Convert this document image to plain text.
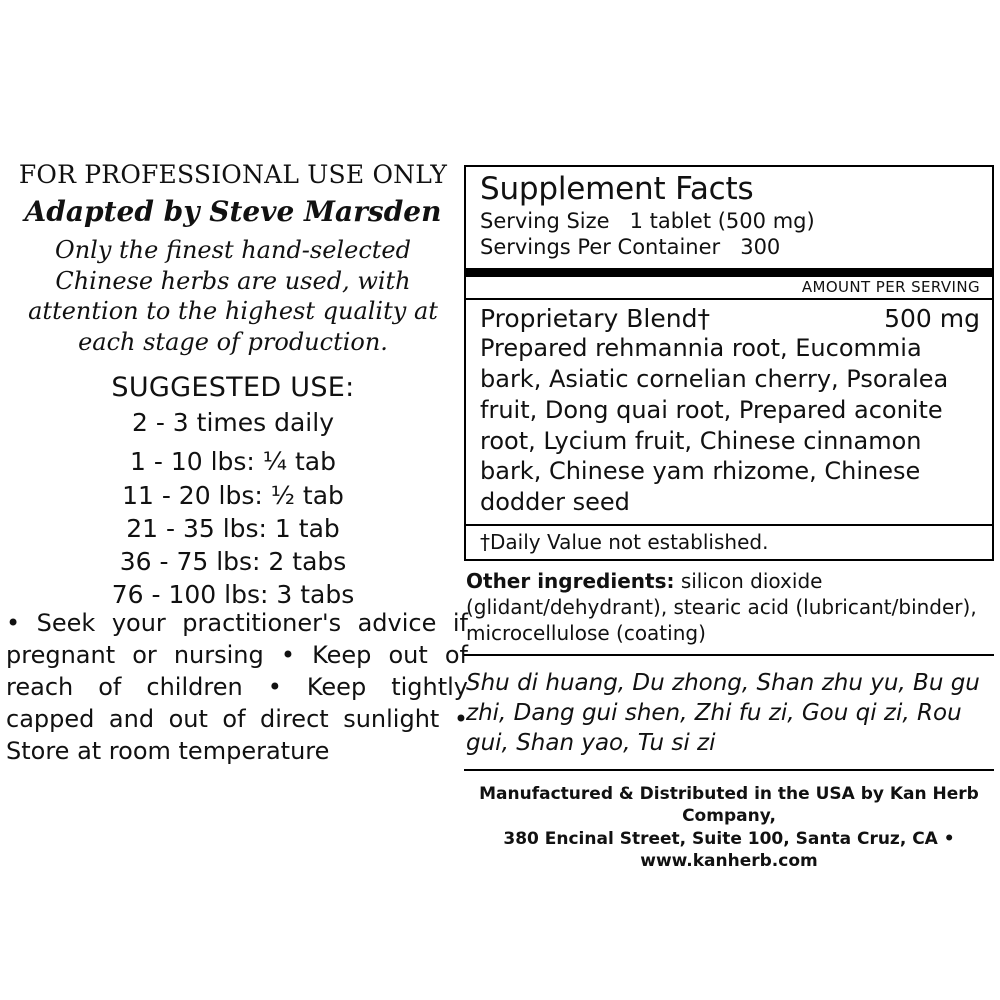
FOR PROFESSIONAL USE ONLY
Adapted by Steve Marsden
Only the finest hand-selected Chinese herbs are used, with attention to the highest quality at each stage of production.
SUGGESTED USE:
2 - 3 times daily
1 - 10 lbs: ¼ tab
11 - 20 lbs: ½ tab
21 - 35 lbs: 1 tab
36 - 75 lbs: 2 tabs
76 - 100 lbs: 3 tabs
• Seek your practitioner's advice if pregnant or nursing • Keep out of reach of children • Keep tightly capped and out of direct sunlight • Store at room temperature
Supplement Facts
Serving Size 1 tablet (500 mg)
Servings Per Container 300
AMOUNT PER SERVING
Proprietary Blend†	500 mg
Prepared rehmannia root, Eucommia bark, Asiatic cornelian cherry, Psoralea fruit, Dong quai root, Prepared aconite root, Lycium fruit, Chinese cinnamon bark, Chinese yam rhizome, Chinese dodder seed
†Daily Value not established.
Other ingredients: silicon dioxide (glidant/dehydrant), stearic acid (lubricant/binder), microcellulose (coating)
Shu di huang, Du zhong, Shan zhu yu, Bu gu zhi, Dang gui shen, Zhi fu zi, Gou qi zi, Rou gui, Shan yao, Tu si zi
Manufactured & Distributed in the USA by Kan Herb Company,
380 Encinal Street, Suite 100, Santa Cruz, CA • www.kanherb.com
